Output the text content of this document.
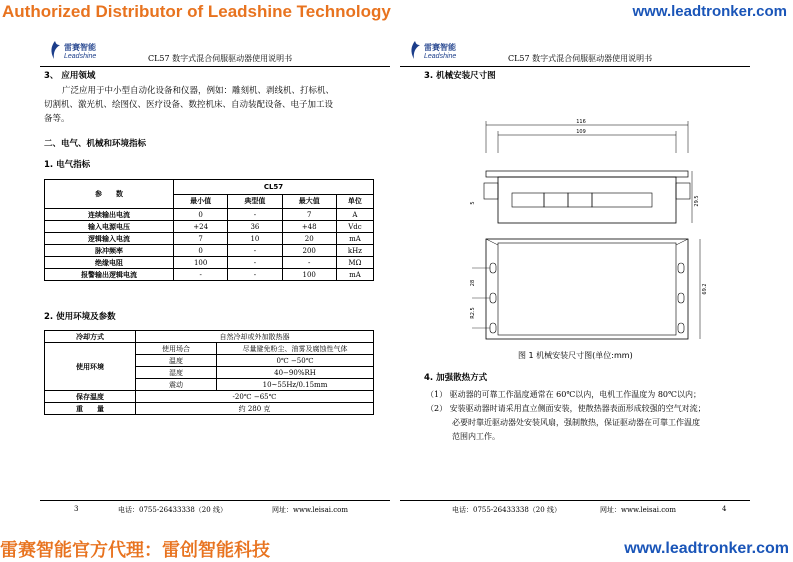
Authorized Distributor of Leadshine Technology	www.leadtronker.com
雷赛智能
Leadshine	CL57 数字式混合伺服驱动器使用说明书
3、 应用领域
广泛应用于中小型自动化设备和仪器，例如：雕刻机、剥线机、打标机、
切割机、激光机、绘图仪、医疗设备、数控机床、自动装配设备、电子加工设
备等。
二、电气、机械和环境指标
1. 电气指标
参　　数	CL57			
	最小值	典型值	最大值	单位
连续输出电流	0	-	7	A
输入电源电压	+24	36	+48	Vdc
逻辑输入电流	7	10	20	mA
脉冲频率	0	-	200	kHz
绝缘电阻	100	-	-	MΩ
报警输出逻辑电流	-	-	100	mA
2. 使用环境及参数
冷却方式	自然冷却或外加散热器	
使用环境	使用场合	尽量避免粉尘、油雾及腐蚀性气体
	温度	0℃ −50℃
	湿度	40−90%RH
	震动	10~55Hz/0.15mm
保存温度	-20℃ −65℃	
重　　量	约 280 克	
3	电话：0755-26433338（20 线）	网址：www.leisai.com
雷赛智能
Leadshine	CL57 数字式混合伺服驱动器使用说明书
3. 机械安装尺寸图
116
109
29.5
5
28
R2.5
69.2
图 1 机械安装尺寸图(单位:mm)
4. 加强散热方式
（1） 驱动器的可靠工作温度通常在 60℃以内，电机工作温度为 80℃以内；
（2） 安装驱动器时请采用直立侧面安装，使散热器表面形成较强的空气对流；
必要时靠近驱动器处安装风扇，强制散热，保证驱动器在可靠工作温度
范围内工作。
电话：0755-26433338（20 线）	网址：www.leisai.com	4
雷赛智能官方代理：雷创智能科技	www.leadtronker.com
